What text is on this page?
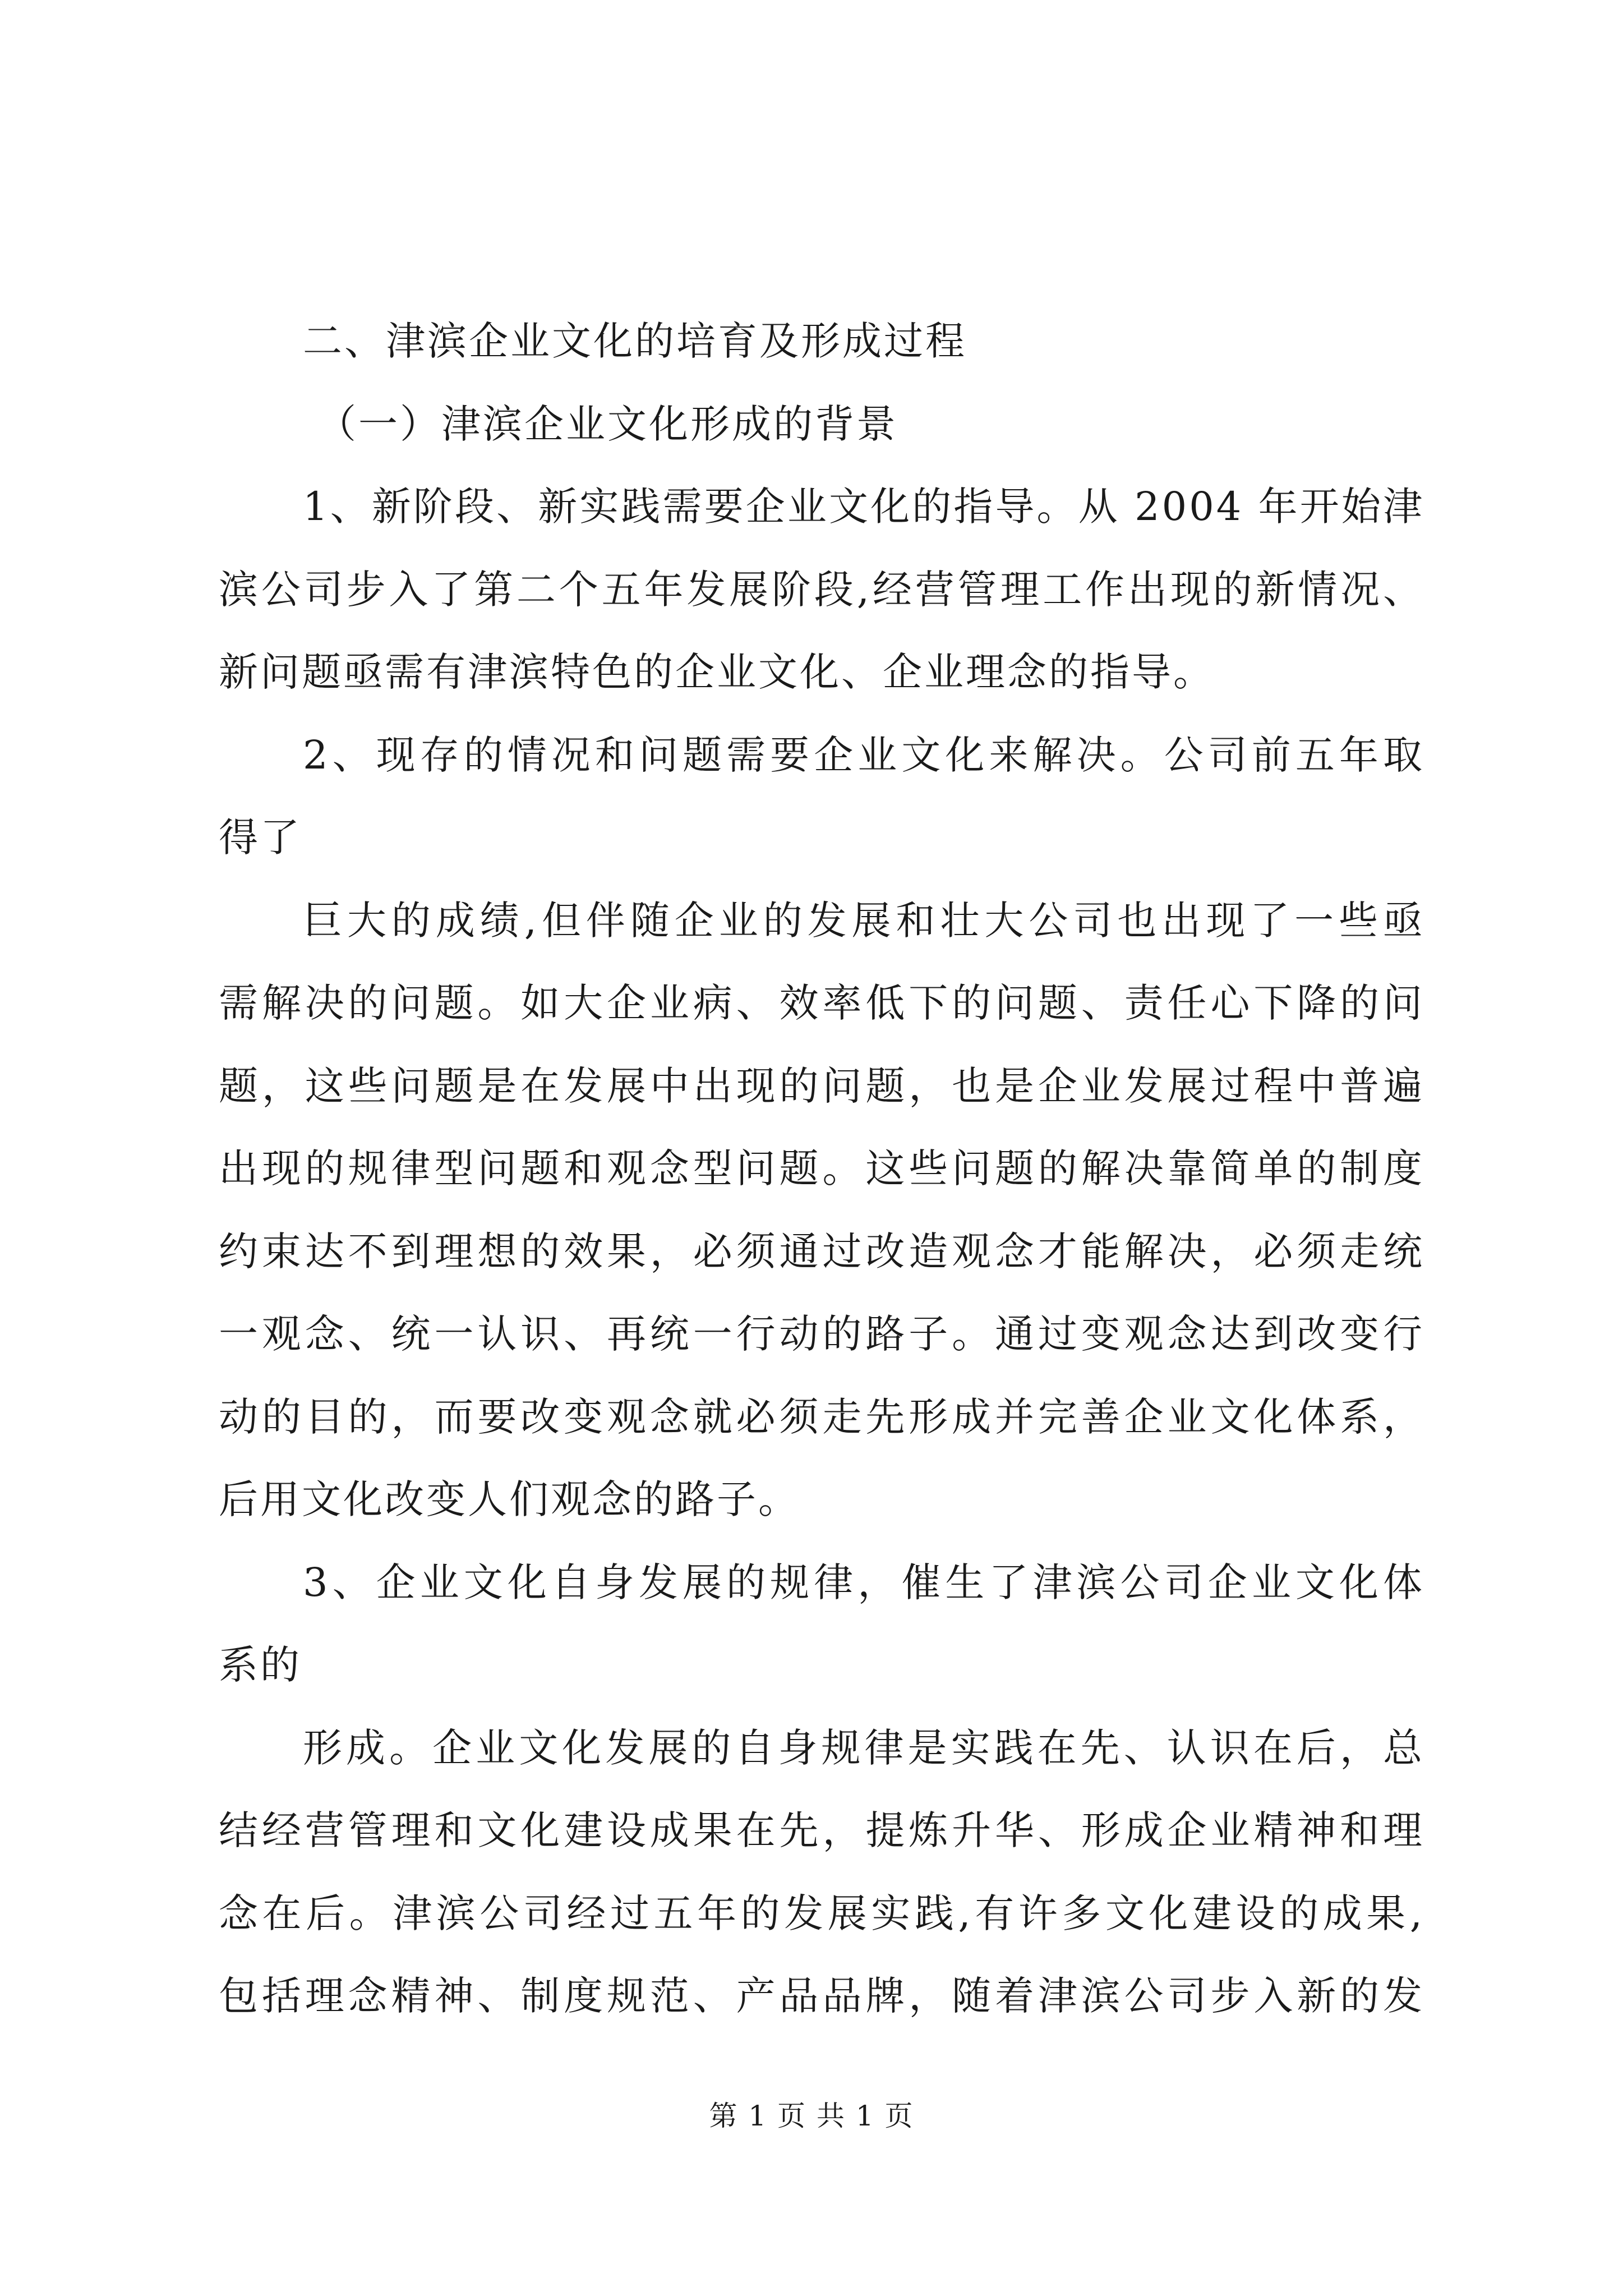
二、津滨企业文化的培育及形成过程
（一）津滨企业文化形成的背景
1、新阶段、新实践需要企业文化的指导。从 2004 年开始津
滨公司步入了第二个五年发展阶段,经营管理工作出现的新情况、
新问题亟需有津滨特色的企业文化、企业理念的指导。
2、现存的情况和问题需要企业文化来解决。公司前五年取
得了
巨大的成绩,但伴随企业的发展和壮大公司也出现了一些亟
需解决的问题。如大企业病、效率低下的问题、责任心下降的问
题，这些问题是在发展中出现的问题，也是企业发展过程中普遍
出现的规律型问题和观念型问题。这些问题的解决靠简单的制度
约束达不到理想的效果，必须通过改造观念才能解决，必须走统
一观念、统一认识、再统一行动的路子。通过变观念达到改变行
动的目的，而要改变观念就必须走先形成并完善企业文化体系，
后用文化改变人们观念的路子。
3、企业文化自身发展的规律，催生了津滨公司企业文化体
系的
形成。企业文化发展的自身规律是实践在先、认识在后，总
结经营管理和文化建设成果在先，提炼升华、形成企业精神和理
念在后。津滨公司经过五年的发展实践,有许多文化建设的成果,
包括理念精神、制度规范、产品品牌，随着津滨公司步入新的发
第 1 页 共 1 页
